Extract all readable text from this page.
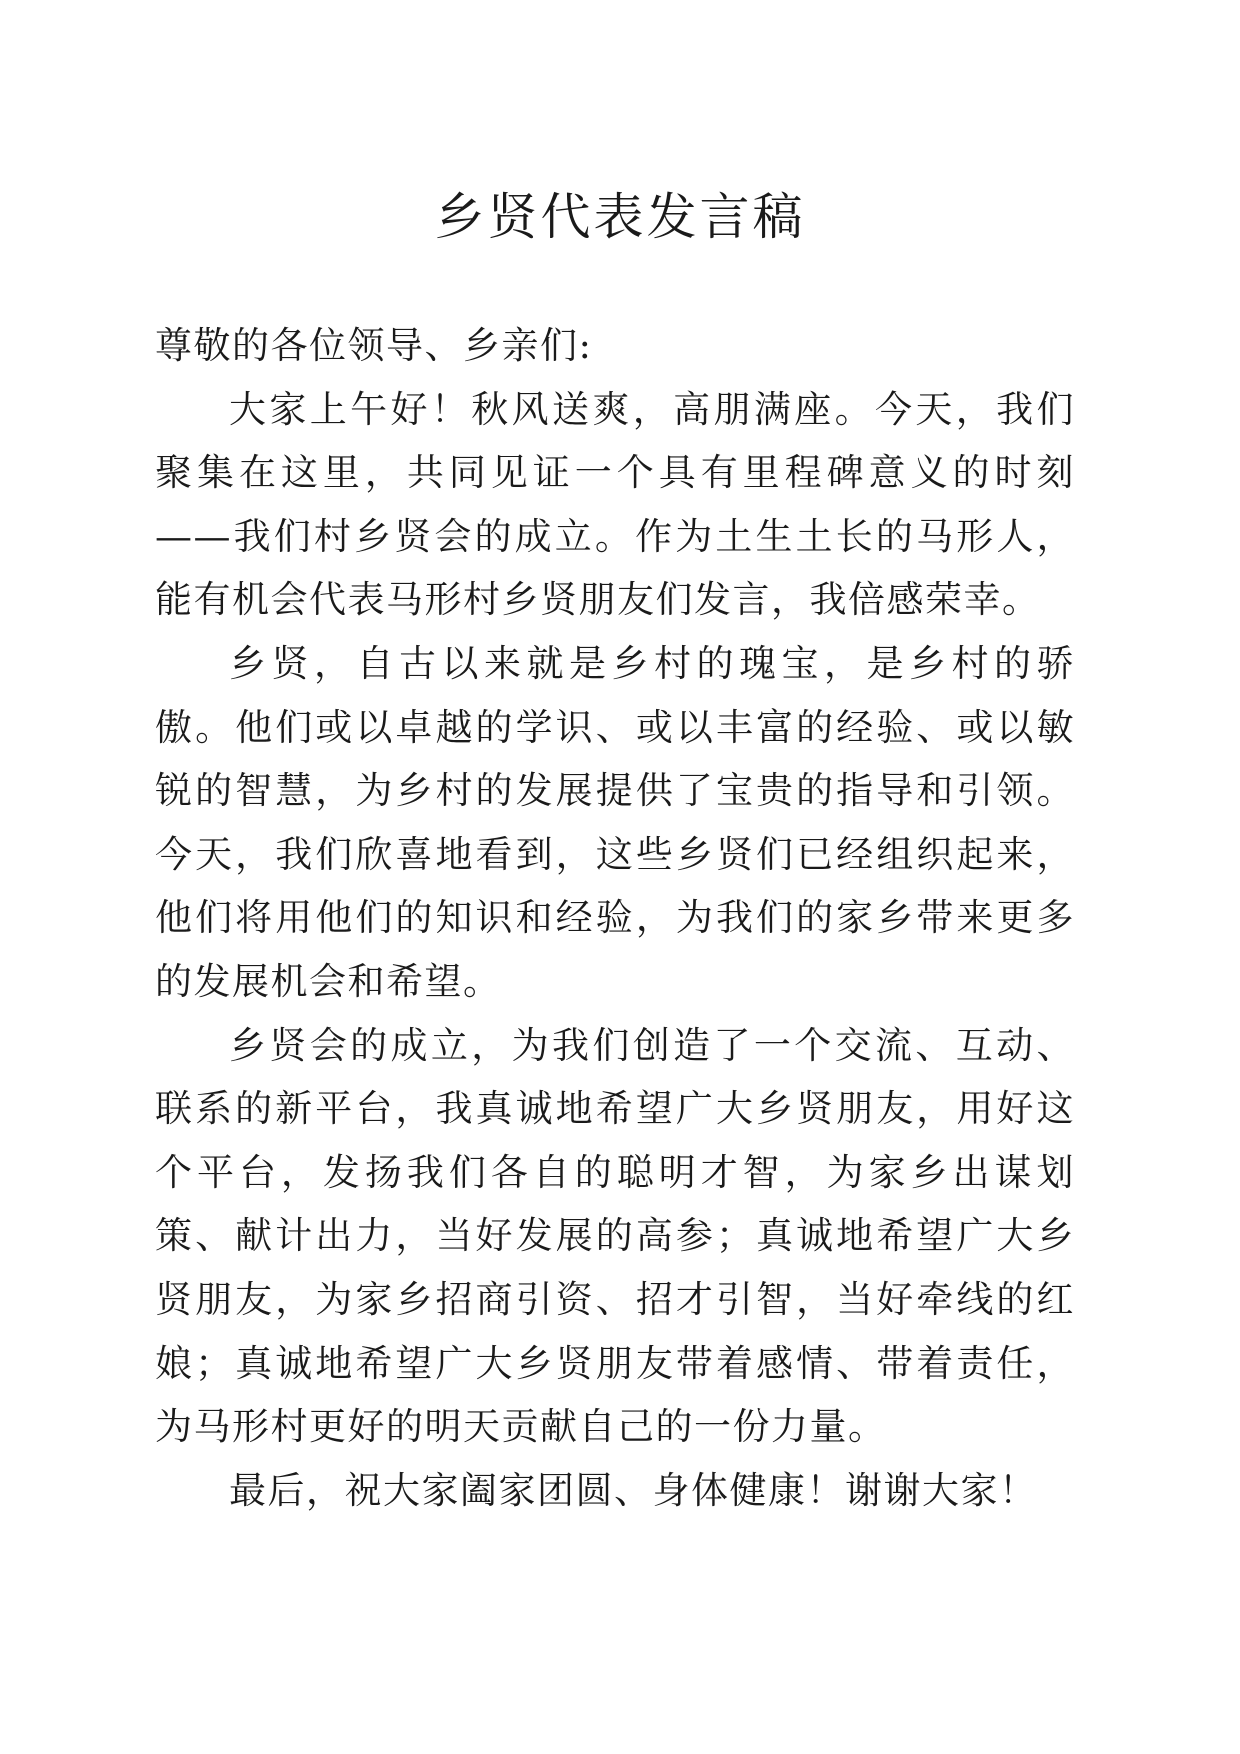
乡贤代表发言稿

尊敬的各位领导、乡亲们:

大家上午好！秋风送爽，高朋满座。今天，我们聚集在这里，共同见证一个具有里程碑意义的时刻——我们村乡贤会的成立。作为土生土长的马形人，能有机会代表马形村乡贤朋友们发言，我倍感荣幸。

乡贤，自古以来就是乡村的瑰宝，是乡村的骄傲。他们或以卓越的学识、或以丰富的经验、或以敏锐的智慧，为乡村的发展提供了宝贵的指导和引领。今天，我们欣喜地看到，这些乡贤们已经组织起来，他们将用他们的知识和经验，为我们的家乡带来更多的发展机会和希望。

乡贤会的成立，为我们创造了一个交流、互动、联系的新平台，我真诚地希望广大乡贤朋友，用好这个平台，发扬我们各自的聪明才智，为家乡出谋划策、献计出力，当好发展的高参；真诚地希望广大乡贤朋友，为家乡招商引资、招才引智，当好牵线的红娘；真诚地希望广大乡贤朋友带着感情、带着责任，为马形村更好的明天贡献自己的一份力量。

最后，祝大家阖家团圆、身体健康！谢谢大家！
